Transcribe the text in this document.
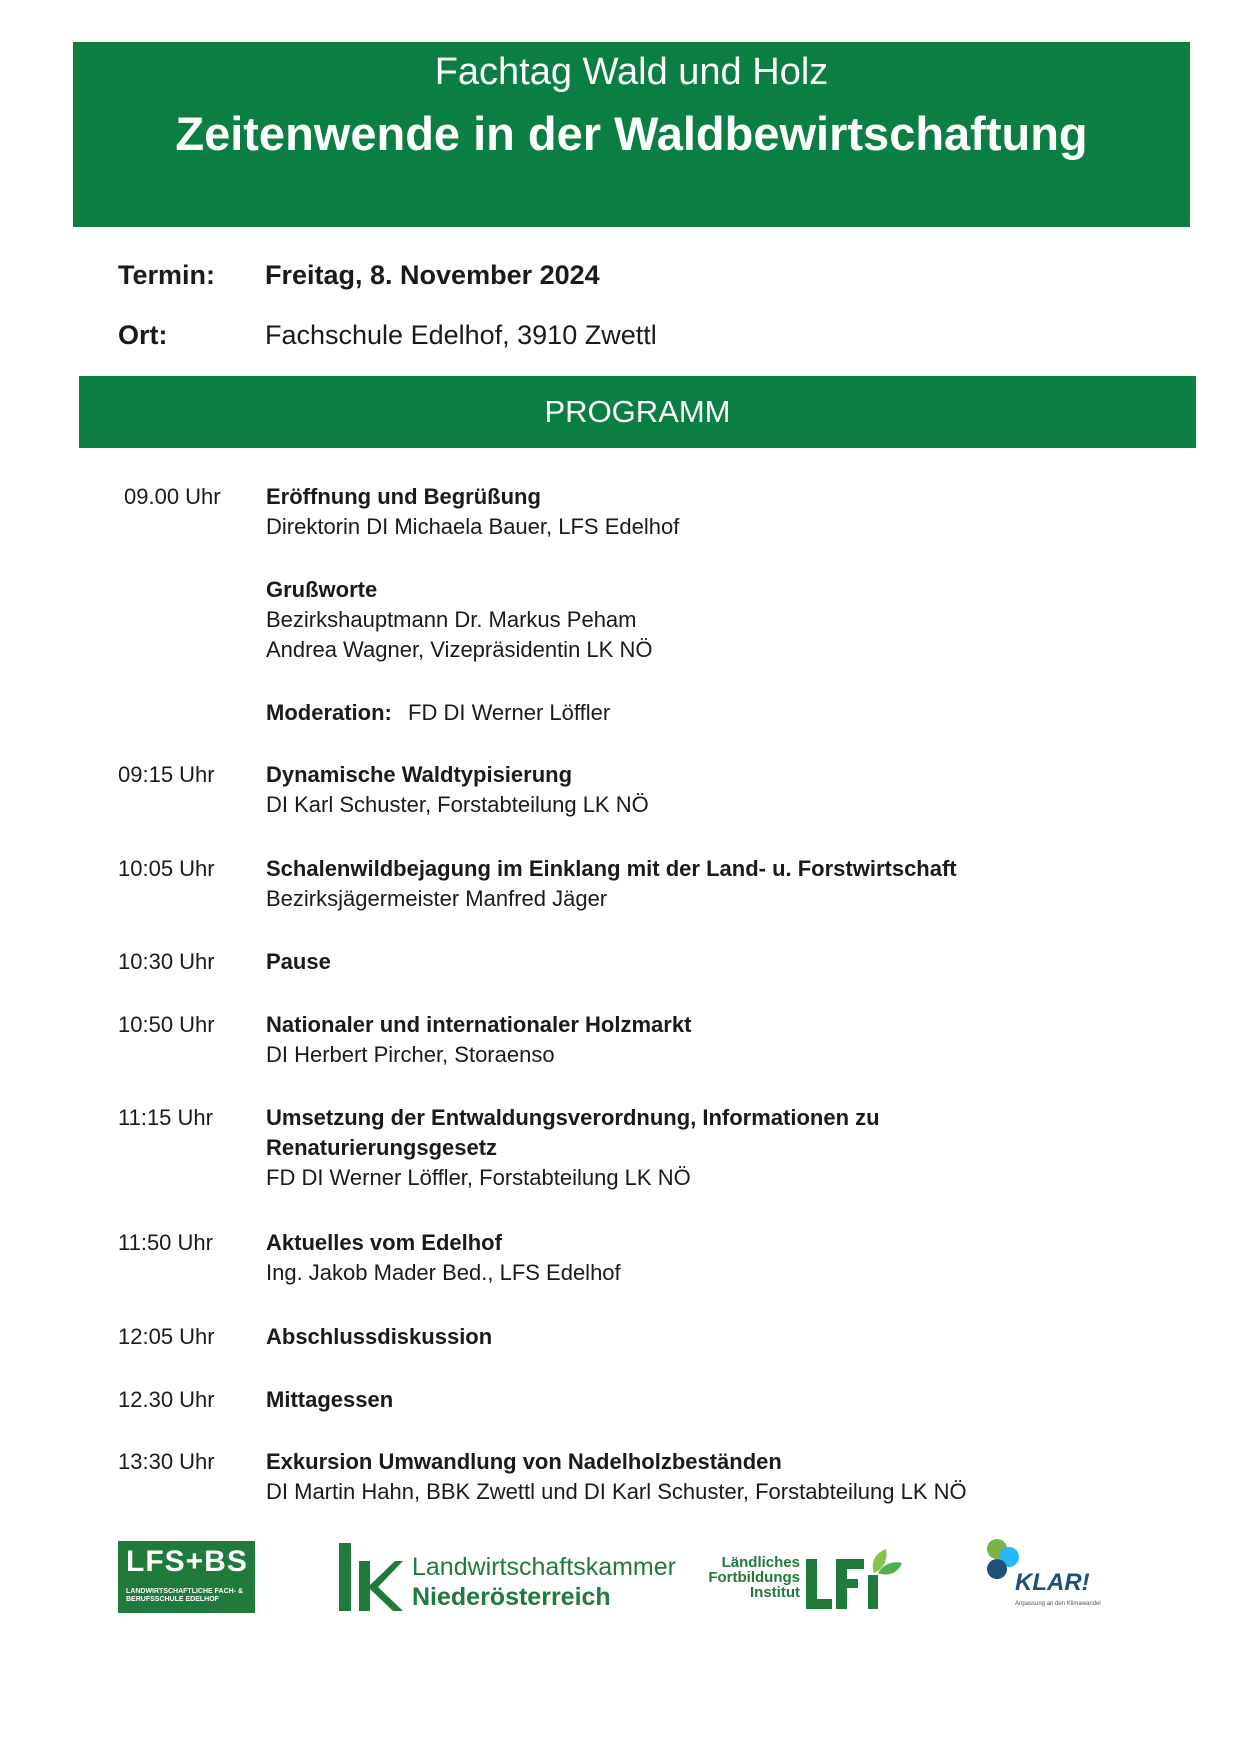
Fachtag Wald und Holz
Zeitenwende in der Waldbewirtschaftung
Termin: Freitag, 8. November 2024
Ort:	Fachschule Edelhof, 3910 Zwettl
PROGRAMM
09.00 Uhr Eröffnung und Begrüßung
Direktorin DI Michaela Bauer, LFS Edelhof
Grußworte
Bezirkshauptmann Dr. Markus Peham
Andrea Wagner, Vizepräsidentin LK NÖ
Moderation: FD DI Werner Löffler
09:15 Uhr Dynamische Waldtypisierung
DI Karl Schuster, Forstabteilung LK NÖ
10:05 Uhr Schalenwildbejagung im Einklang mit der Land- u. Forstwirtschaft
Bezirksjägermeister Manfred Jäger
10:30 Uhr Pause
10:50 Uhr Nationaler und internationaler Holzmarkt
DI Herbert Pircher, Storaenso
11:15 Uhr Umsetzung der Entwaldungsverordnung, Informationen zu
Renaturierungsgesetz
FD DI Werner Löffler, Forstabteilung LK NÖ
11:50 Uhr Aktuelles vom Edelhof
Ing. Jakob Mader Bed., LFS Edelhof
12:05 Uhr Abschlussdiskussion
12.30 Uhr Mittagessen
13:30 Uhr Exkursion Umwandlung von Nadelholzbeständen
DI Martin Hahn, BBK Zwettl und DI Karl Schuster, Forstabteilung LK NÖ
LFS+BS
LANDWIRTSCHAFTLICHE FACH- & BERUFSSCHULE EDELHOF
Landwirtschaftskammer
Niederösterreich
Ländliches Fortbildungs Institut	KLAR!
Anpassung an den Klimawandel
